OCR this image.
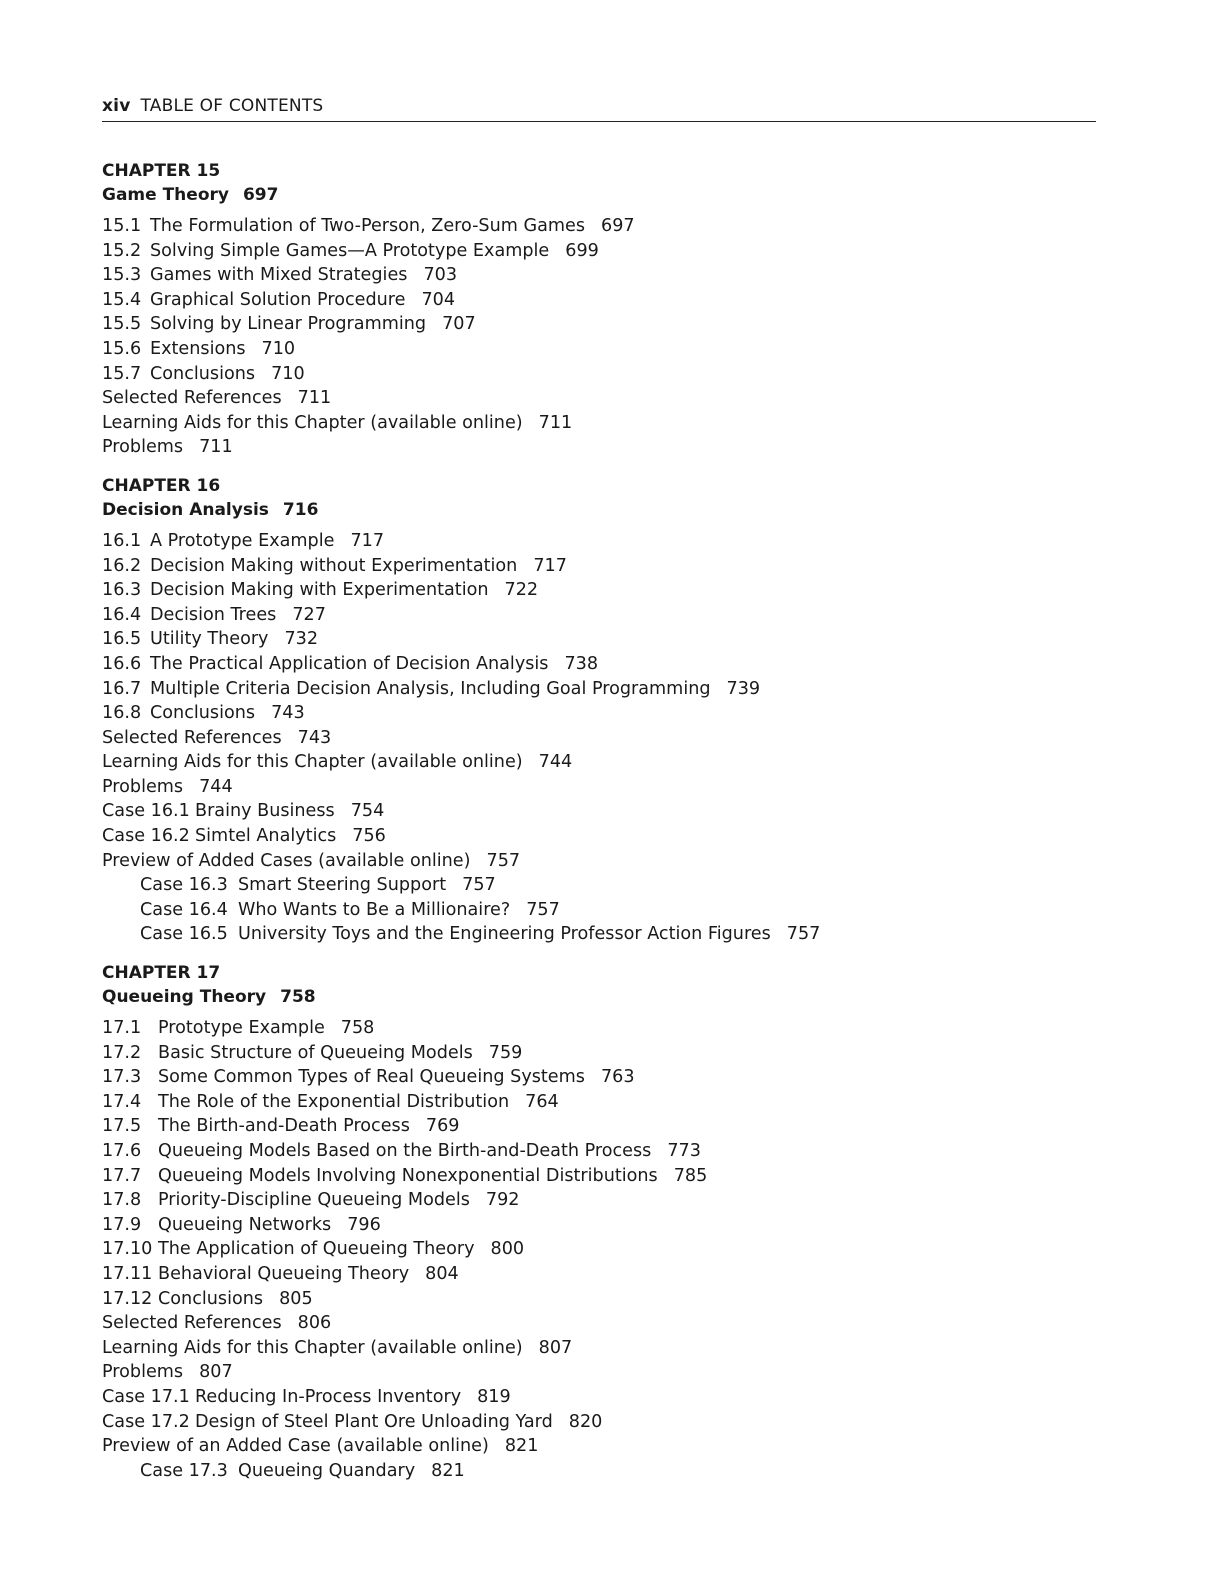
xiv TABLE OF CONTENTS
CHAPTER 15
Game Theory 697
15.1 The Formulation of Two-Person, Zero-Sum Games 697
15.2 Solving Simple Games—A Prototype Example 699
15.3 Games with Mixed Strategies 703
15.4 Graphical Solution Procedure 704
15.5 Solving by Linear Programming 707
15.6 Extensions 710
15.7 Conclusions 710
Selected References 711
Learning Aids for this Chapter (available online) 711
Problems 711
CHAPTER 16
Decision Analysis 716
16.1 A Prototype Example 717
16.2 Decision Making without Experimentation 717
16.3 Decision Making with Experimentation 722
16.4 Decision Trees 727
16.5 Utility Theory 732
16.6 The Practical Application of Decision Analysis 738
16.7 Multiple Criteria Decision Analysis, Including Goal Programming 739
16.8 Conclusions 743
Selected References 743
Learning Aids for this Chapter (available online) 744
Problems 744
Case 16.1 Brainy Business 754
Case 16.2 Simtel Analytics 756
Preview of Added Cases (available online) 757
Case 16.3 Smart Steering Support 757
Case 16.4 Who Wants to Be a Millionaire? 757
Case 16.5 University Toys and the Engineering Professor Action Figures 757
CHAPTER 17
Queueing Theory 758
17.1 Prototype Example 758
17.2 Basic Structure of Queueing Models 759
17.3 Some Common Types of Real Queueing Systems 763
17.4 The Role of the Exponential Distribution 764
17.5 The Birth-and-Death Process 769
17.6 Queueing Models Based on the Birth-and-Death Process 773
17.7 Queueing Models Involving Nonexponential Distributions 785
17.8 Priority-Discipline Queueing Models 792
17.9 Queueing Networks 796
17.10 The Application of Queueing Theory 800
17.11 Behavioral Queueing Theory 804
17.12 Conclusions 805
Selected References 806
Learning Aids for this Chapter (available online) 807
Problems 807
Case 17.1 Reducing In-Process Inventory 819
Case 17.2 Design of Steel Plant Ore Unloading Yard 820
Preview of an Added Case (available online) 821
Case 17.3 Queueing Quandary 821
